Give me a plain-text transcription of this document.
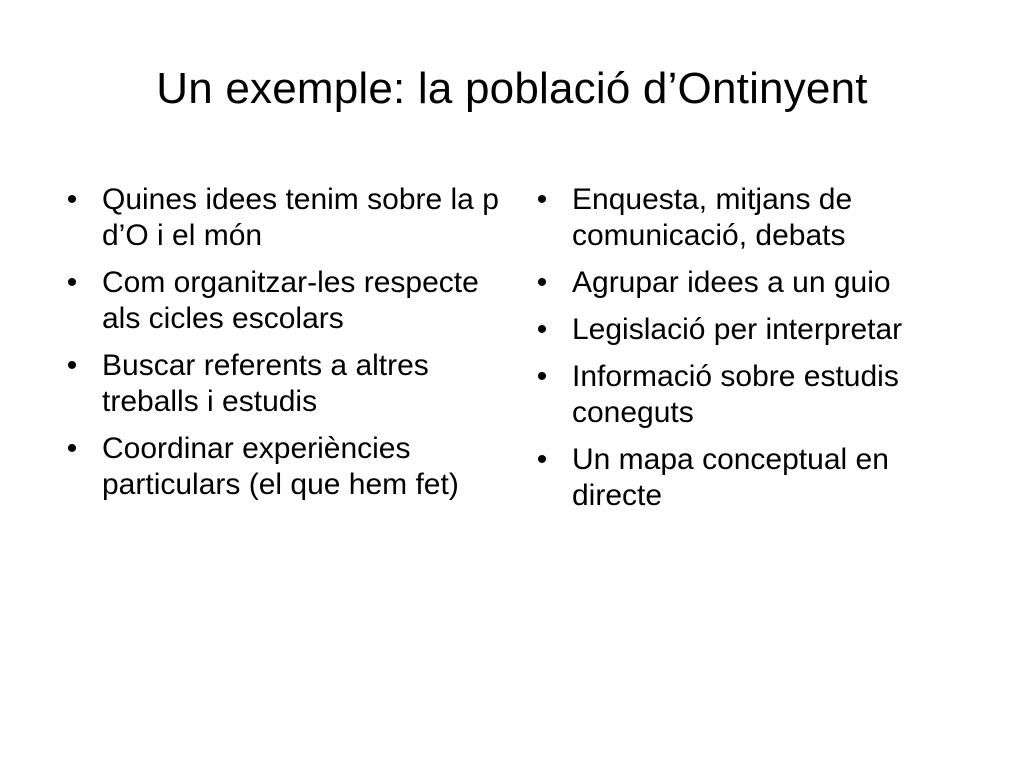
Un exemple: la població d’Ontinyent
• Quines idees tenim sobre la p d’O i el món
• Com organitzar-les respecte als cicles escolars
• Buscar referents a altres treballs i estudis
• Coordinar experiències particulars (el que hem fet)
• Enquesta, mitjans de comunicació, debats
• Agrupar idees a un guio
• Legislació per interpretar
• Informació sobre estudis coneguts
• Un mapa conceptual en directe
